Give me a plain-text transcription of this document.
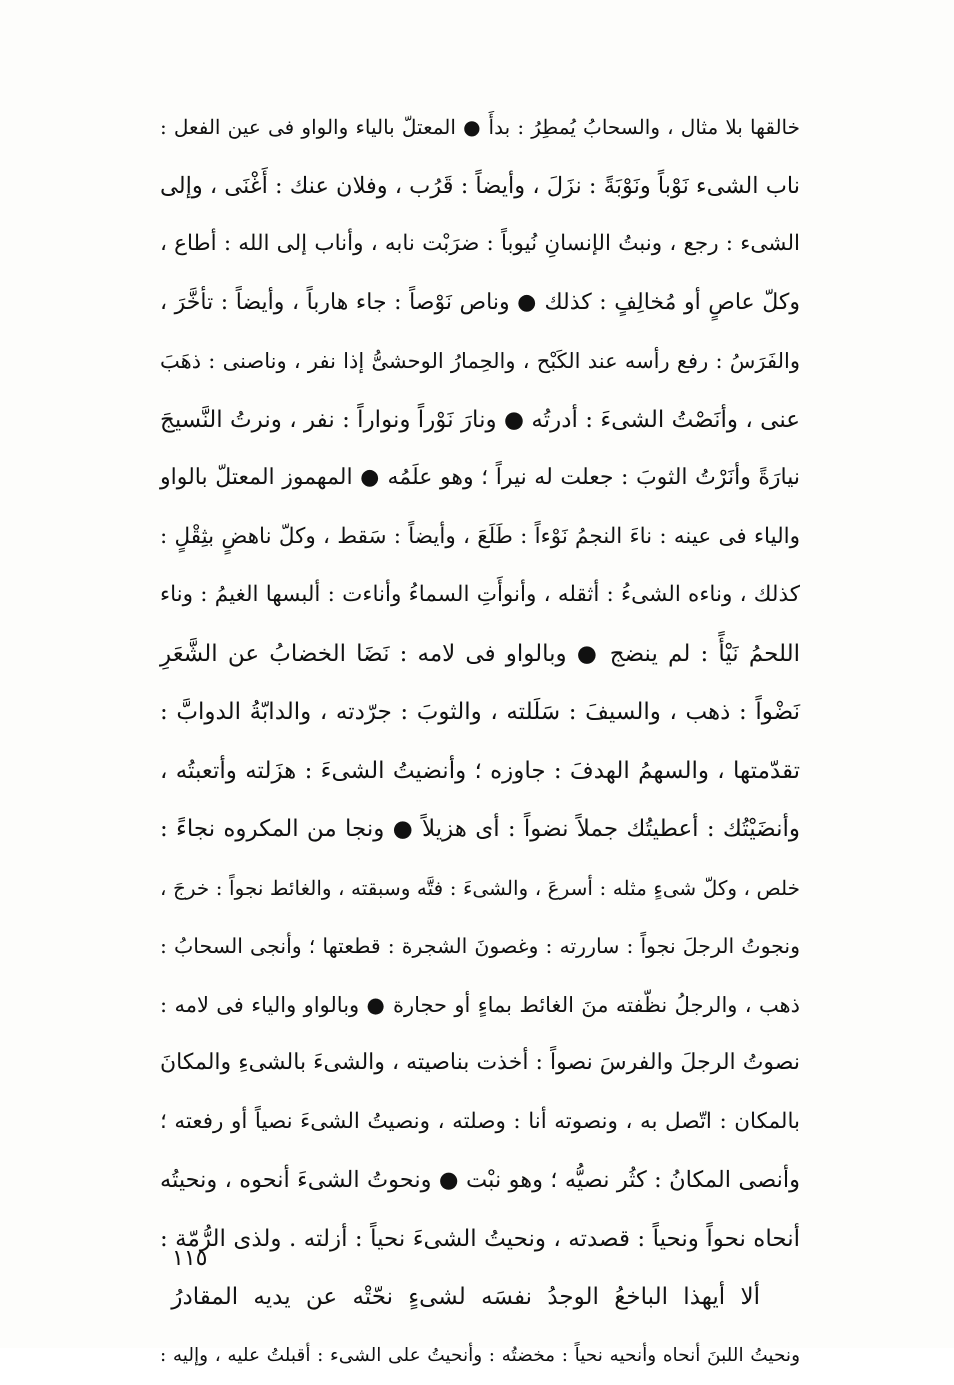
خالقها بلا مثال ، والسحابُ يُمطِرُ : بدأَ ● المعتلّ بالياء والواو فى عين الفعل :
ناب الشىء نَوْباً ونَوْبَةً : نزَلَ ، وأيضاً : قَرُب ، وفلان عنك : أَغْنَى ، وإلى
الشىء : رجع ، ونبتُ الإنسانِ نُيوباً : ضرَبْت نابه ، وأناب إلى الله : أطاع ،
وكلّ عاصٍ أو مُخالِفٍ : كذلك ● وناص نَوْصاً : جاء هارباً ، وأيضاً : تأخَّرَ ،
والفَرَسُ : رفع رأسه عند الكَبْح ، والحِمارُ الوحشىُّ إذا نفر ، وناصنى : ذهَبَ
عنى ، وأنَصْتُ الشىءَ : أدرتُه ● ونارَ نَوْراً ونواراً : نفر ، ونرتُ النَّسيجَ
نيارَةً وأنَرْتُ الثوبَ : جعلت له نيراً ؛ وهو علَمُه ● المهموز المعتلّ بالواو
والياء فى عينه : ناءَ النجمُ نَوْءاً : طَلَعَ ، وأيضاً : سَقط ، وكلّ ناهضٍ بثِقْلٍ :
كذلك ، وناءه الشىءُ : أثقله ، وأنوأَتِ السماءُ وأناءت : ألبسها الغيمُ : وناء
اللحمُ نَيْأً : لم ينضج ● وبالواو فى لامه : نَضَا الخضابُ عن الشَّعَرِ
نَضْواً : ذهب ، والسيفَ : سَلَلته ، والثوبَ : جرّدته ، والدابّةُ الدوابَّ :
تقدّمتها ، والسهمُ الهدفَ : جاوزه ؛ وأنضيتُ الشىءَ : هزَلته وأتعبتُه ،
وأنضَيْتُك : أعطيتُك جملاً نضواً : أى هزيلاً ● ونجا من المكروه نجاءً :
خلص ، وكلّ شىءٍ مثله : أسرعَ ، والشىءَ : فتَّه وسبقته ، والغائط نجواً : خرجَ ،
ونجوتُ الرجلَ نجواً : ساررته : وغصونَ الشجرة : قطعتها ؛ وأنجى السحابُ :
ذهب ، والرجلُ نظّفته منَ الغائط بماءٍ أو حجارة ● وبالواو والياء فى لامه :
نصوتُ الرجلَ والفرسَ نصواً : أخذت بناصيته ، والشىءَ بالشىءِ والمكانَ
بالمكان : اتّصل به ، ونصوته أنا : وصلته ، ونصيتُ الشىءَ نصياً أو رفعته ؛
وأنصى المكانُ : كثُر نصيُّه ؛ وهو نبْت ● ونحوتُ الشىءَ أنحوه ، ونحيتُه
أنحاه نحواً ونحياً : قصدته ، ونحيتُ الشىءَ نحياً : أزلته . ولذى الرُّمّة :
ألا أيهذا الباخعُ الوجدُ نفسَه لشىءٍ نحّتْه عن يديه المقادرُ
ونحيتُ اللبنَ أنحاه وأنحيه نحياً : مخضتُه : وأنحيتُ على الشىء : أقبلتُ عليه ، وإليه :
١١٥
